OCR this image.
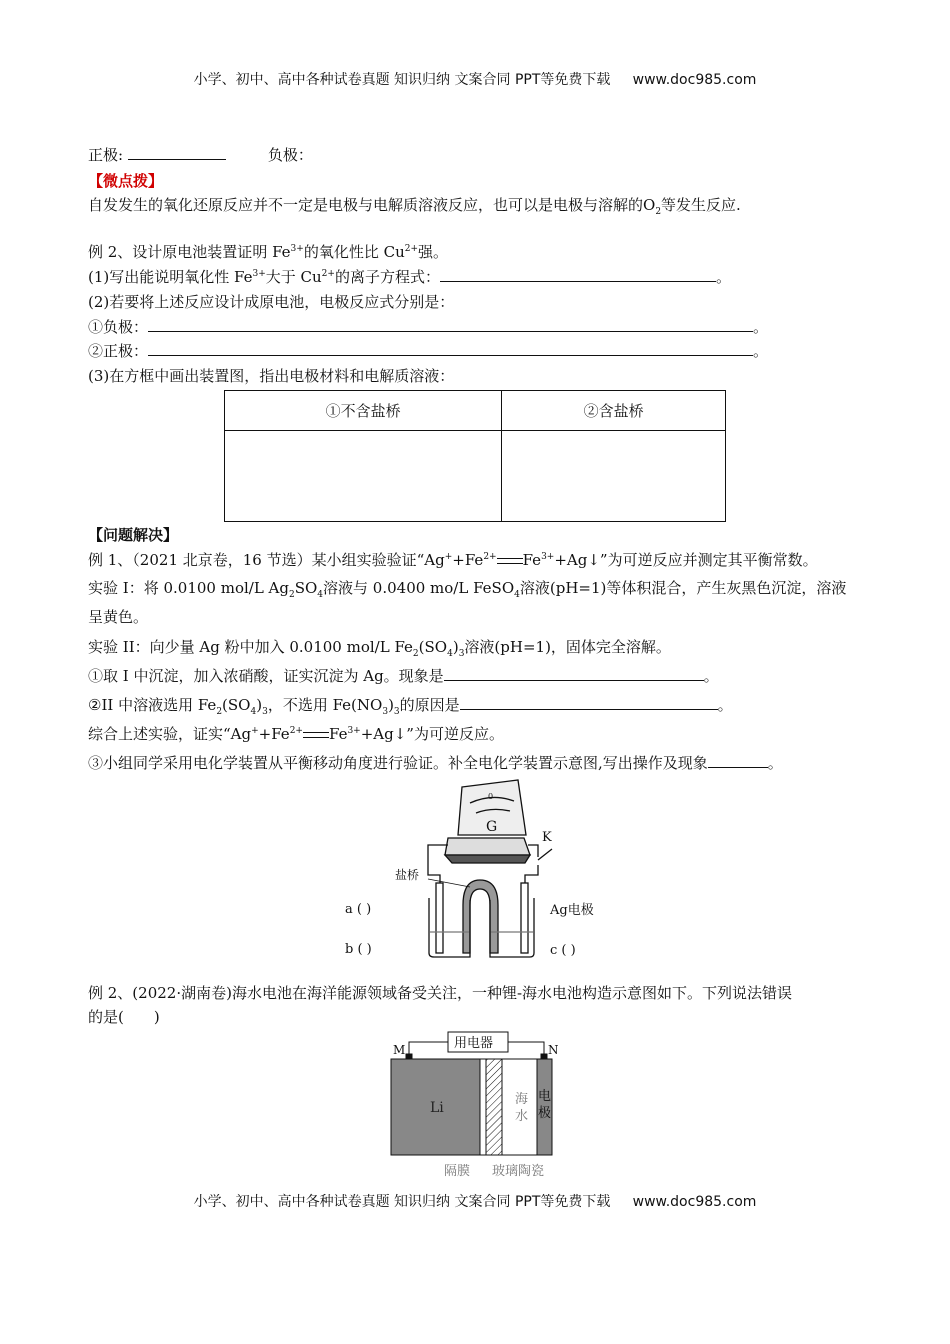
小学、初中、高中各种试卷真题 知识归纳 文案合同 PPT等免费下载 www.doc985.com
正极:	负极：
【微点拨】
自发发生的氧化还原反应并不一定是电极与电解质溶液反应，也可以是电极与溶解的$O_2$等发生反应.
例 2、设计原电池装置证明 $Fe^{3+}$的氧化性比 $Cu^{2+}$强。
(1)写出能说明氧化性 $Fe^{3+}$大于 $Cu^{2+}$的离子方程式：	。
(2)若要将上述反应设计成原电池，电极反应式分别是：
①负极：	。
②正极：	。
(3)在方框中画出装置图，指出电极材料和电解质溶液：
①不含盐桥	②含盐桥

【问题解决】
例 1、（2021 北京卷，16 节选）某小组实验验证“$Ag^++Fe^{2+}$ $Fe^{3+}+Ag↓$”为可逆反应并测定其平衡常数。
实验 I：将 0.0100 mol/L $Ag_2SO_4$溶液与 0.0400 mo/L FeSO$_4$溶液(pH=1)等体积混合，产生灰黑色沉淀，溶液
呈黄色。
实验 II：向少量 Ag 粉中加入 0.0100 mol/L $Fe_2(SO_4)_3$溶液(pH=1)，固体完全溶解。
①取 I 中沉淀，加入浓硝酸，证实沉淀为 Ag。现象是	。
②II 中溶液选用 $Fe_2(SO_4)_3$，不选用 $Fe(NO_3)_3$的原因是	。
综合上述实验，证实“$Ag^++Fe^{2+}$ $Fe^{3+}+Ag↓$”为可逆反应。
③小组同学采用电化学装置从平衡移动角度进行验证。补全电化学装置示意图,写出操作及现象	。
G
0
K
盐桥
a ( )
b ( )
Ag电极
c ( )
例 2、(2022·湖南卷)海水电池在海洋能源领域备受关注，一种锂-海水电池构造示意图如下。下列说法错误
的是(　　)
用电器
M	N
Li
海
水
电
极
隔膜 玻璃陶瓷
小学、初中、高中各种试卷真题 知识归纳 文案合同 PPT等免费下载 www.doc985.com
